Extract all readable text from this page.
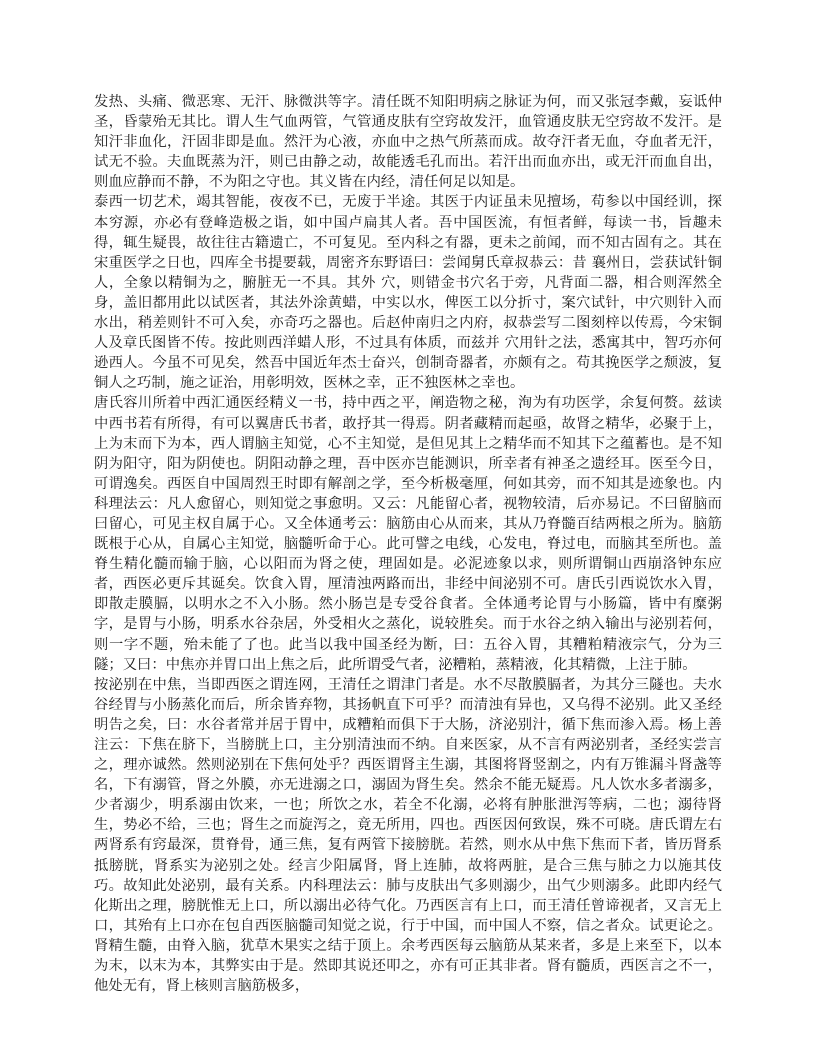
发热、头痛、微恶寒、无汗、脉微洪等字。清任既不知阳明病之脉证为何，而又张冠李戴，妄诋仲圣，昏蒙殆无其比。谓人生气血两管，气管通皮肤有空窍故发汗，血管通皮肤无空窍故不发汗。是知汗非血化，汗固非即是血。然汗为心液，亦血中之热气所蒸而成。故夺汗者无血，夺血者无汗，试无不验。夫血既蒸为汗，则已由静之动，故能透毛孔而出。若汗出而血亦出，或无汗而血自出，则血应静而不静，不为阳之守也。其义皆在内经，清任何足以知是。

泰西一切艺术，竭其智能，夜夜不已，无废于半途。其医于内证虽未见擅场，苟参以中国经训，探本穷源，亦必有登峰造极之诣，如中国卢扁其人者。吾中国医流，有恒者鲜，每读一书，旨趣未得，辄生疑畏，故往往古籍遗亡，不可复见。至内科之有器，更未之前闻，而不知古固有之。其在宋重医学之日也，四库全书提要载，周密齐东野语曰：尝闻舅氏章叔恭云：昔 襄州日，尝获试针铜人，全象以精铜为之，腑脏无一不具。其外 穴，则错金书穴名于旁，凡背面二器，相合则浑然全身，盖旧都用此以试医者，其法外涂黄蜡，中实以水，俾医工以分折寸，案穴试针，中穴则针入而水出，稍差则针不可入矣，亦奇巧之器也。后赵仲南归之内府，叔恭尝写二图刻梓以传焉，今宋铜人及章氏图皆不传。按此则西洋蜡人形，不过具有体质，而兹并 穴用针之法，悉寓其中，智巧亦何逊西人。今虽不可见矣，然吾中国近年杰士奋兴，创制奇器者，亦颇有之。苟其挽医学之颓波，复铜人之巧制，施之证治，用彰明效，医林之幸，正不独医林之幸也。

唐氏容川所着中西汇通医经精义一书，持中西之平，阐造物之秘，洵为有功医学，余复何赘。兹读中西书若有所得，有可以翼唐氏书者，敢抒其一得焉。阴者藏精而起亟，故肾之精华，必聚于上，上为末而下为本，西人谓脑主知觉，心不主知觉，是但见其上之精华而不知其下之蕴蓄也。是不知阴为阳守，阳为阴使也。阴阳动静之理，吾中医亦岂能测识，所幸者有神圣之遗经耳。医至今日，可谓逸矣。西医自中国周烈王时即有解剖之学，至今析极毫厘，何如其旁，而不知其是迹象也。内科理法云：凡人愈留心，则知觉之事愈明。又云：凡能留心者，视物较清，后亦易记。不曰留脑而曰留心，可见主权自属于心。又全体通考云：脑筋由心从而来，其从乃脊髓百结两根之所为。脑筋既根于心从，自属心主知觉，脑髓听命于心。此可譬之电线，心发电，脊过电，而脑其至所也。盖脊生精化髓而输于脑，心以阳而为肾之使，理固如是。必泥迹象以求，则所谓铜山西崩洛钟东应者，西医必更斥其诞矣。饮食入胃，厘清浊两路而出，非经中间泌别不可。唐氏引西说饮水入胃，即散走膜膈，以明水之不入小肠。然小肠岂是专受谷食者。全体通考论胃与小肠篇，皆中有糜粥字，是胃与小肠，明系水谷杂居，外受相火之蒸化，说较胜矣。而于水谷之纳入输出与泌别若何，则一字不题，殆未能了了也。此当以我中国圣经为断，曰：五谷入胃，其糟粕精液宗气，分为三隧；又曰：中焦亦并胃口出上焦之后，此所谓受气者，泌糟粕，蒸精液，化其精微，上注于肺。

按泌别在中焦，当即西医之谓连网，王清任之谓津门者是。水不尽散膜膈者，为其分三隧也。夫水谷经胃与小肠蒸化而后，所余皆弃物，其扬帆直下可乎？而清浊有异也，又乌得不泌别。此又圣经明告之矣，曰：水谷者常并居于胃中，成糟粕而俱下于大肠，济泌别汁，循下焦而渗入焉。杨上善注云：下焦在脐下，当膀胱上口，主分别清浊而不纳。自来医家，从不言有两泌别者，圣经实尝言之，理亦诚然。然则泌别在下焦何处乎？西医谓肾主生溺，其图将肾竖割之，内有万锥漏斗肾盏等名，下有溺管，肾之外膜，亦无进溺之口，溺固为肾生矣。然余不能无疑焉。凡人饮水多者溺多，少者溺少，明系溺由饮来，一也；所饮之水，若全不化溺，必将有肿胀泄泻等病，二也；溺待肾生，势必不给，三也；肾生之而旋泻之，竟无所用，四也。西医因何致误，殊不可晓。唐氏谓左右两肾系有窍最深，贯脊骨，通三焦，复有两管下接膀胱。若然，则水从中焦下焦而下者，皆历肾系抵膀胱，肾系实为泌别之处。经言少阳属肾，肾上连肺，故将两脏，是合三焦与肺之力以施其伎巧。故知此处泌别，最有关系。内科理法云：肺与皮肤出气多则溺少，出气少则溺多。此即内经气化斯出之理，膀胱惟无上口，所以溺出必待气化。乃西医言有上口，而王清任曾谛视者，又言无上口，其殆有上口亦在包自西医脑髓司知觉之说，行于中国，而中国人不察，信之者众。试更论之。肾精生髓，由脊入脑，犹草木果实之结于顶上。余考西医每云脑筋从某来者，多是上来至下，以本为末，以末为本，其弊实由于是。然即其说还叩之，亦有可正其非者。肾有髓质，西医言之不一，他处无有，肾上核则言脑筋极多，
